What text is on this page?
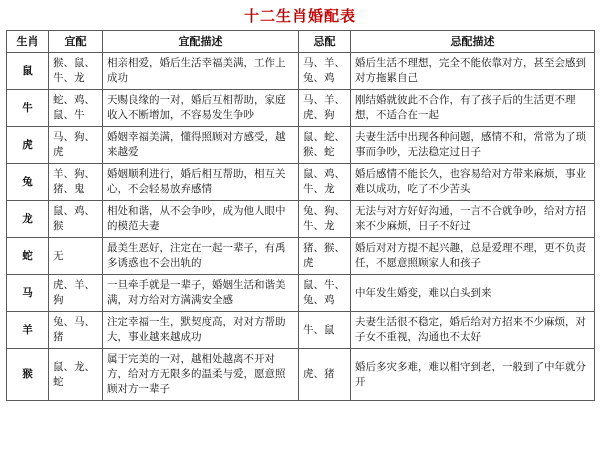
十二生肖婚配表
生肖	宜配	宜配描述	忌配	忌配描述
鼠	猴、鼠、牛、龙	相亲相爱，婚后生活幸福美满，工作上成功	马、羊、兔、鸡	婚后生活不理想，完全不能依靠对方，甚至会感到对方拖累自己
牛	蛇、鸡、鼠、牛	天赐良缘的一对，婚后互相帮助，家庭收入不断增加，不容易发生争吵	马、羊、虎、狗	刚结婚就彼此不合作，有了孩子后的生活更不理想，不适合在一起
虎	马、狗、虎	婚姻幸福美满，懂得照顾对方感受，越来越爱	鼠、蛇、猴、蛇	夫妻生活中出现各种问题，感情不和，常常为了琐事而争吵，无法稳定过日子
兔	羊、狗、猪、鬼	婚姻顺利进行，婚后相互帮助，相互关心，不会轻易放弃感情	鼠、鸡、牛、龙	婚后感情不能长久，也容易给对方带来麻烦，事业难以成功，吃了不少苦头
龙	鼠、鸡、猴	相处和谐，从不会争吵，成为他人眼中的模范夫妻	兔、狗、牛、龙	无法与对方好好沟通，一言不合就争吵，给对方招来不少麻烦，日子不好过
蛇	无	最美生恶好，注定在一起一辈子，有禹多诱惑也不会出轨的	猪、猴、虎	婚后对对方提不起兴趣，总是爱理不理，更不负责任，不愿意照顾家人和孩子
马	虎、羊、狗	一旦牵手就是一辈子，婚姻生活和谐美满，对方给对方满满安全感	鼠、牛、兔、鸡	中年发生婚变，难以白头到来
羊	兔、马、猪	注定幸福一生，默契度高，对对方帮助大，事业越来越成功	牛、鼠	夫妻生活很不稳定，婚后给对方招来不少麻烦，对子女不重视，沟通也不太好
猴	鼠、龙、蛇	属于完美的一对，越相处越离不开对方，给对方无限多的温柔与爱，愿意照顾对方一辈子	虎、猪	婚后多灾多难，难以相守到老，一般到了中年就分开
